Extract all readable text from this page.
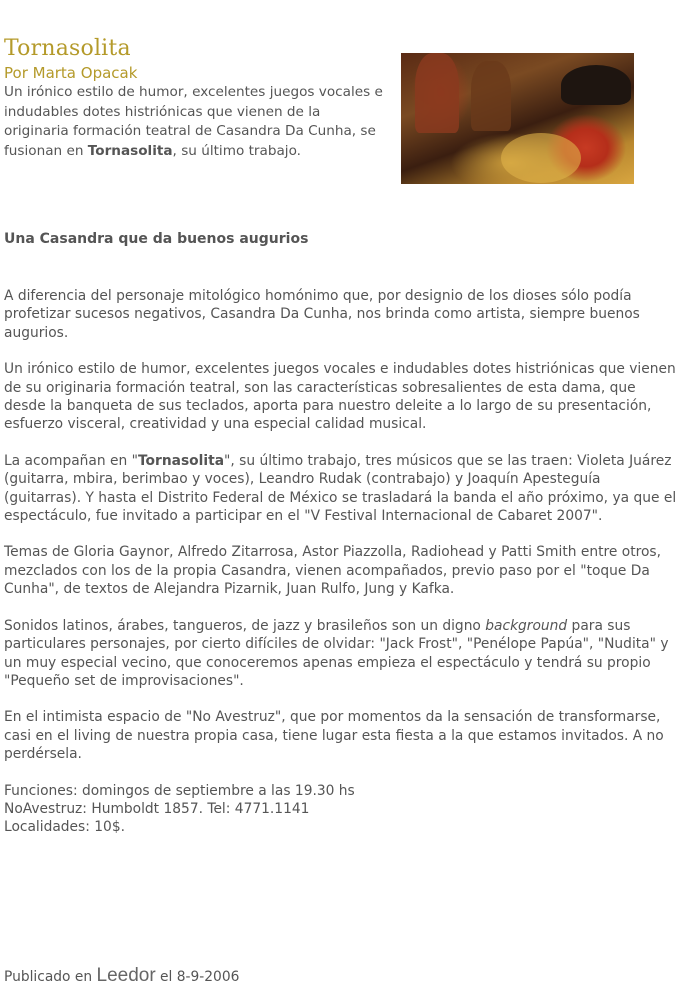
Tornasolita
Por Marta Opacak

Un irónico estilo de humor, excelentes juegos vocales e indudables dotes histriónicas que vienen de la originaria formación teatral de Casandra Da Cunha, se fusionan en Tornasolita, su último trabajo.

Una Casandra que da buenos augurios

A diferencia del personaje mitológico homónimo que, por designio de los dioses sólo podía profetizar sucesos negativos, Casandra Da Cunha, nos brinda como artista, siempre buenos augurios.

Un irónico estilo de humor, excelentes juegos vocales e indudables dotes histriónicas que vienen de su originaria formación teatral, son las características sobresalientes de esta dama, que desde la banqueta de sus teclados, aporta para nuestro deleite a lo largo de su presentación, esfuerzo visceral, creatividad y una especial calidad musical.

La acompañan en "Tornasolita", su último trabajo, tres músicos que se las traen: Violeta Juárez (guitarra, mbira, berimbao y voces), Leandro Rudak (contrabajo) y Joaquín Apesteguía (guitarras). Y hasta el Distrito Federal de México se trasladará la banda el año próximo, ya que el espectáculo, fue invitado a participar en el "V Festival Internacional de Cabaret 2007".

Temas de Gloria Gaynor, Alfredo Zitarrosa, Astor Piazzolla, Radiohead y Patti Smith entre otros, mezclados con los de la propia Casandra, vienen acompañados, previo paso por el "toque Da Cunha", de textos de Alejandra Pizarnik, Juan Rulfo, Jung y Kafka.

Sonidos latinos, árabes, tangueros, de jazz y brasileños son un digno background para sus particulares personajes, por cierto difíciles de olvidar: "Jack Frost", "Penélope Papúa", "Nudita" y un muy especial vecino, que conoceremos apenas empieza el espectáculo y tendrá su propio "Pequeño set de improvisaciones".

En el intimista espacio de "No Avestruz", que por momentos da la sensación de transformarse, casi en el living de nuestra propia casa, tiene lugar esta fiesta a la que estamos invitados. A no perdérsela.

Funciones: domingos de septiembre a las 19.30 hs

NoAvestruz: Humboldt 1857. Tel: 4771.1141

Localidades: 10$.

Publicado en Leedor el 8-9-2006
